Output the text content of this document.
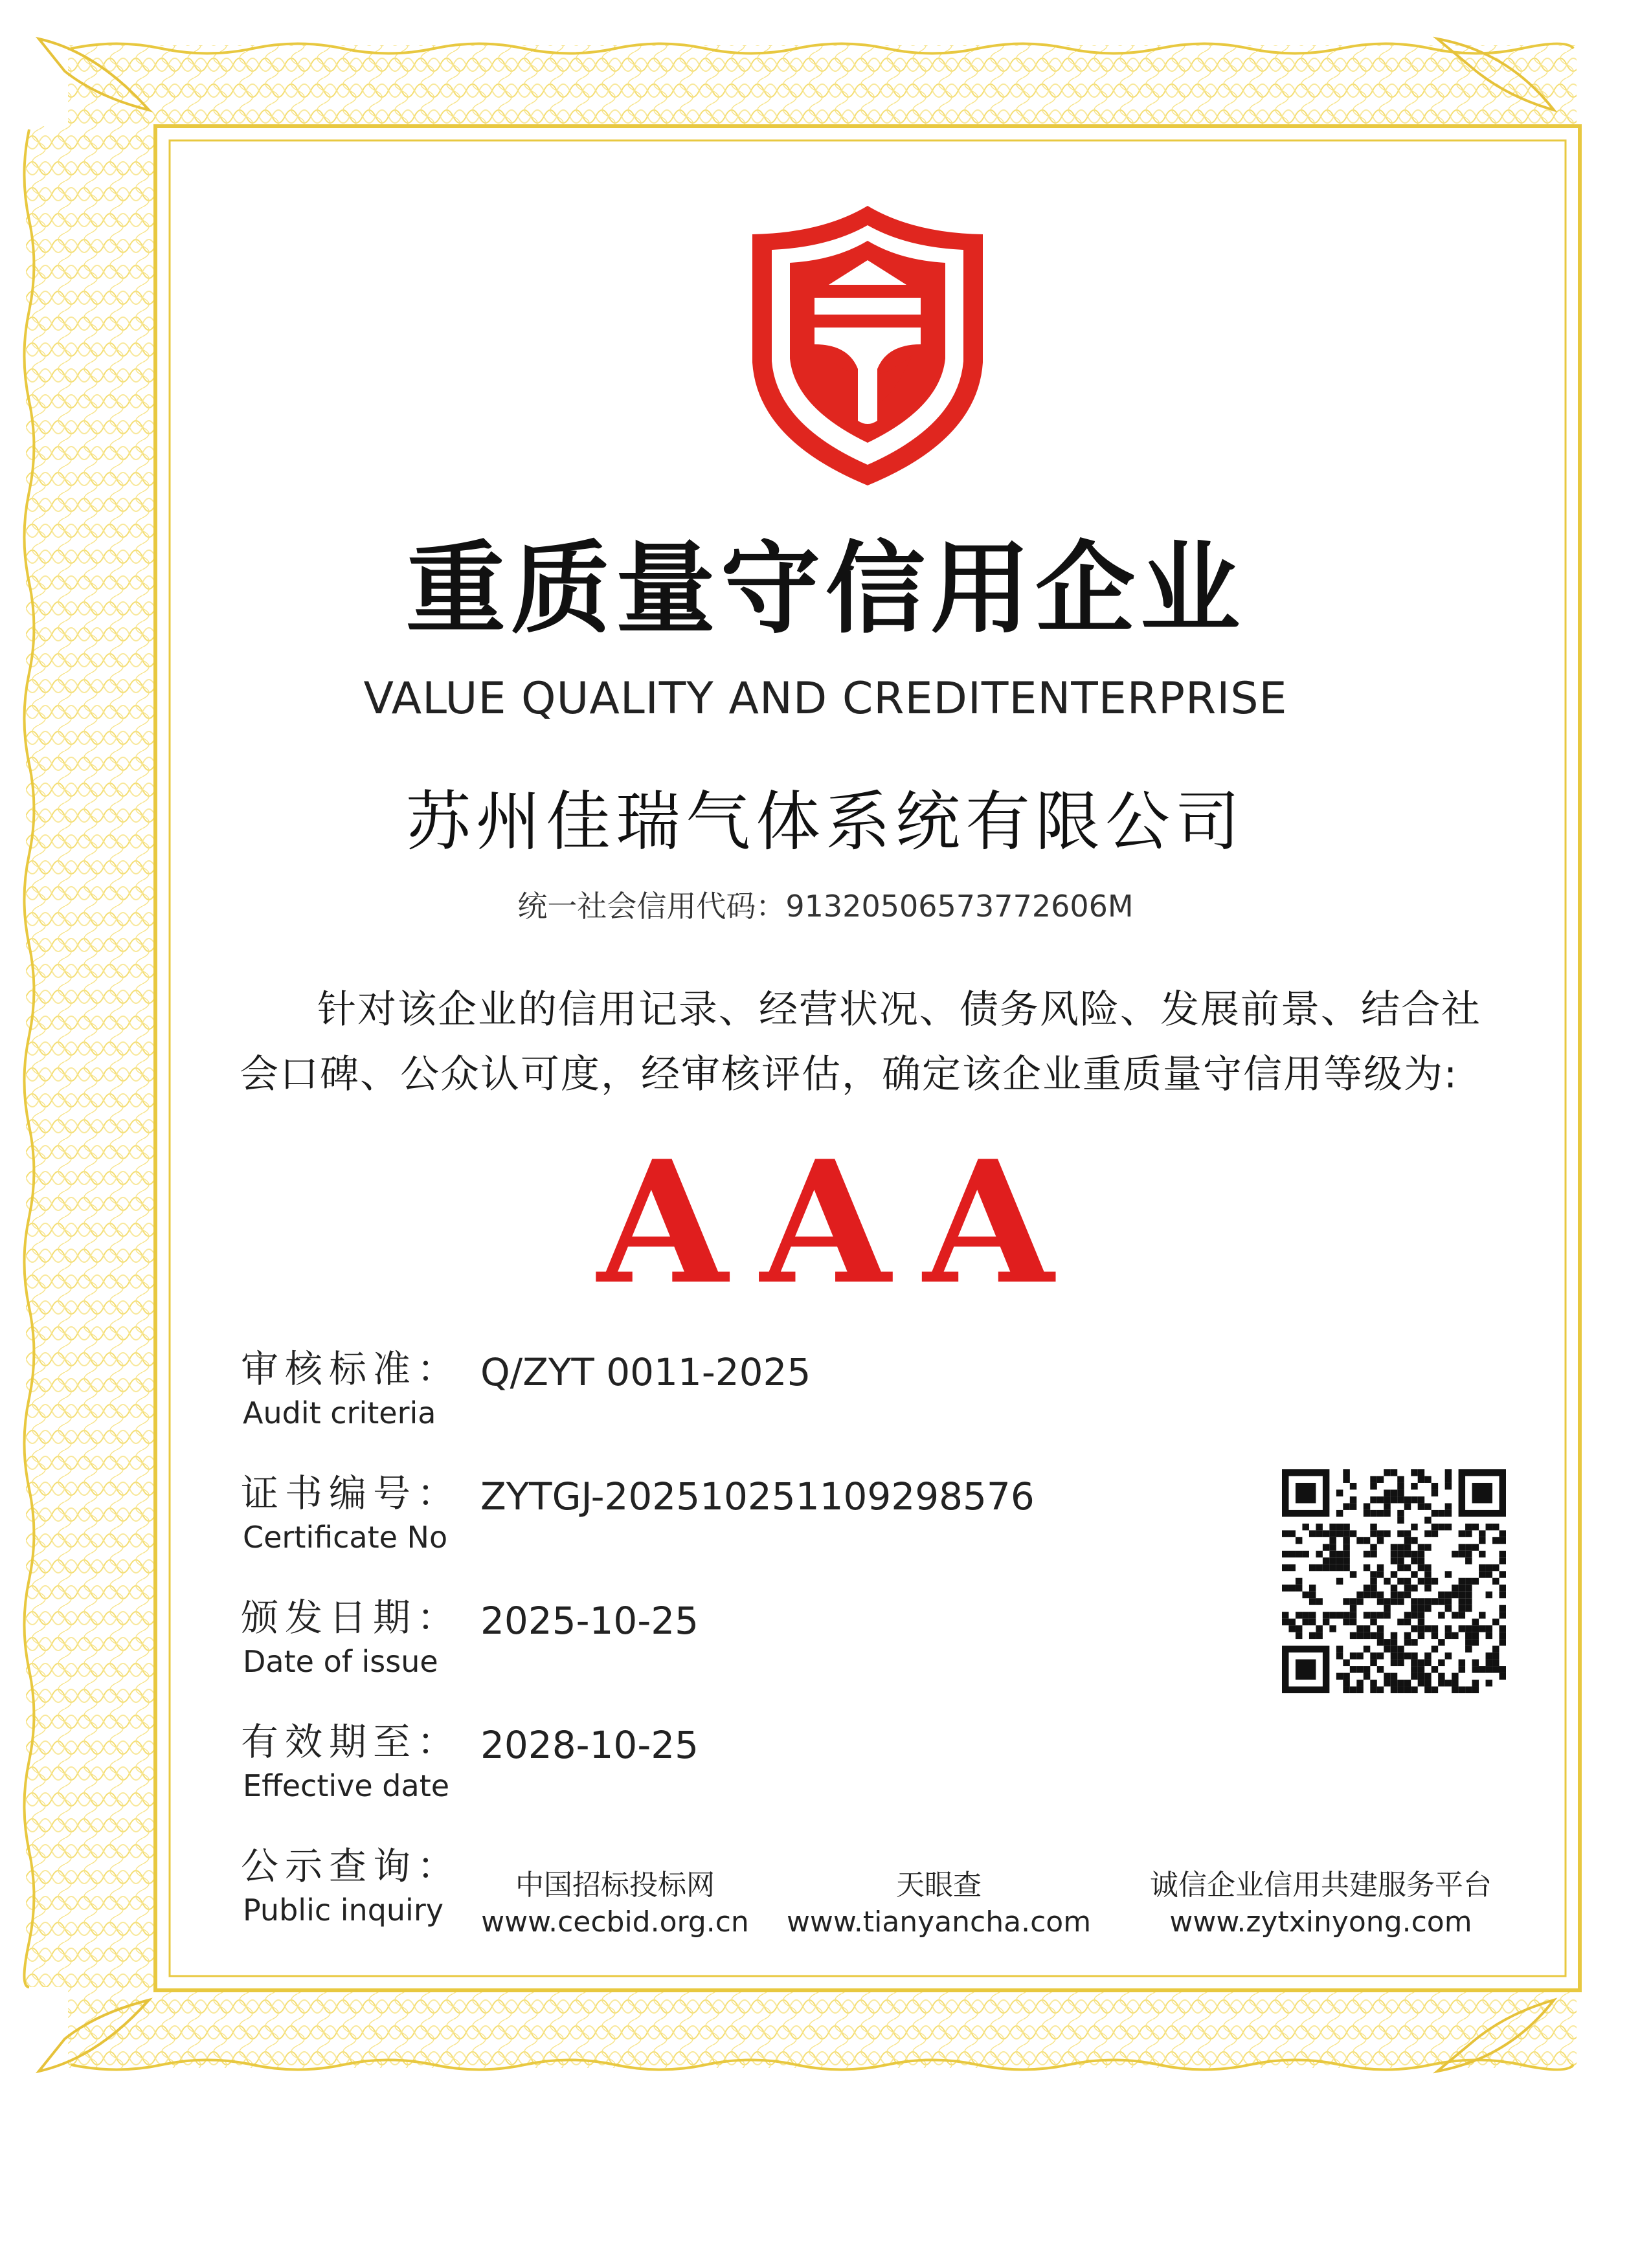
重质量守信用企业
VALUE QUALITY AND CREDITENTERPRISE
苏州佳瑞气体系统有限公司
统一社会信用代码：91320506573772606M
针对该企业的信用记录、经营状况、债务风险、发展前景、结合社会口碑、公众认可度，经审核评估，确定该企业重质量守信用等级为:
AAA
审核标准：
Audit criteria
Q/ZYT 0011-2025
证书编号：
Certificate No
ZYTGJ-20251025110929857​6
颁发日期：
Date of issue
2025-10-25
有效期至：
Effective date
2028-10-25
公示查询：
Public inquiry
中国招标投标网
www.cecbid.org.cn
天眼查
www.tianyancha.com
诚信企业信用共建服务平台
www.zytxinyong.com
